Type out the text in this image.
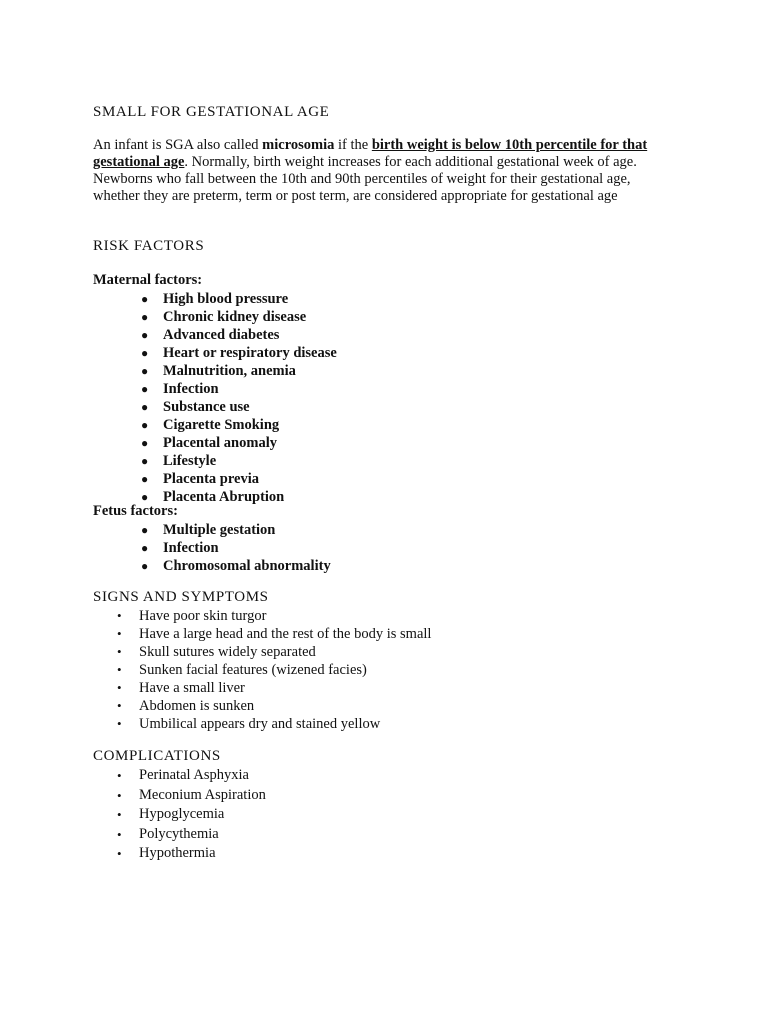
SMALL FOR GESTATIONAL AGE

An infant is SGA also called microsomia if the birth weight is below 10th percentile for that gestational age. Normally, birth weight increases for each additional gestational week of age. Newborns who fall between the 10th and 90th percentiles of weight for their gestational age, whether they are preterm, term or post term, are considered appropriate for gestational age

RISK FACTORS
Maternal factors:
● High blood pressure
● Chronic kidney disease
● Advanced diabetes
● Heart or respiratory disease
● Malnutrition, anemia
● Infection
● Substance use
● Cigarette Smoking
● Placental anomaly
● Lifestyle
● Placenta previa
● Placenta Abruption
Fetus factors:
● Multiple gestation
● Infection
● Chromosomal abnormality
SIGNS AND SYMPTOMS
• Have poor skin turgor
• Have a large head and the rest of the body is small
• Skull sutures widely separated
• Sunken facial features (wizened facies)
• Have a small liver
• Abdomen is sunken
• Umbilical appears dry and stained yellow
COMPLICATIONS
• Perinatal Asphyxia
• Meconium Aspiration
• Hypoglycemia
• Polycythemia
• Hypothermia
